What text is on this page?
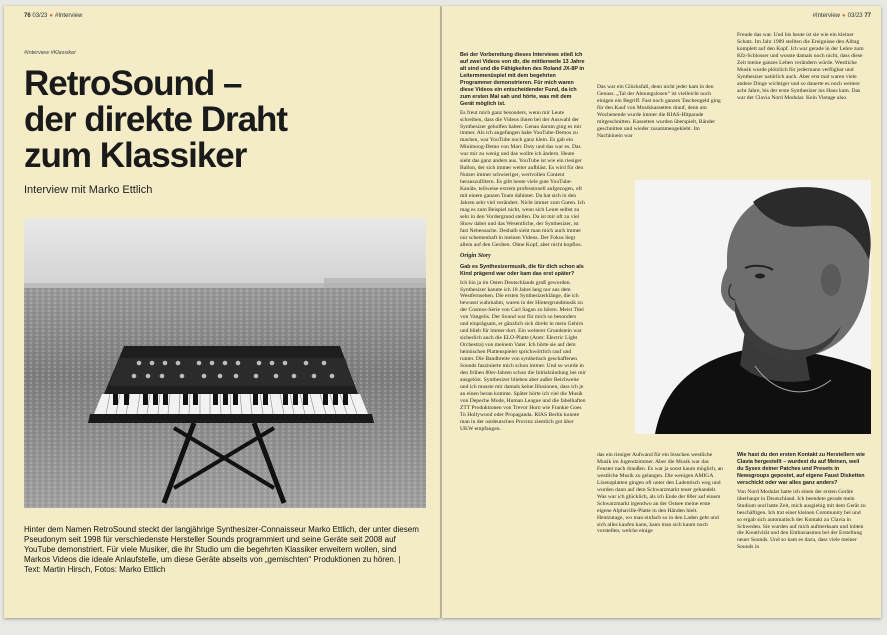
76 03/23 ● #Interview
#Interview #Klassiker
RetroSound –
der direkte Draht
zum Klassiker
Interview mit Marko Ettlich
Hinter dem Namen RetroSound steckt der langjährige Synthesizer-Connaisseur Marko Ettlich, der unter diesem Pseudonym seit 1998 für verschiedenste Hersteller Sounds programmiert und seine Geräte seit 2008 auf YouTube demonstriert. Für viele Musiker, die ihr Studio um die begehrten Klassiker erweitern wollen, sind Markos Videos die ideale Anlaufstelle, um diese Geräte abseits von „gemischten“ Produktionen zu hören. | Text: Martin Hirsch, Fotos: Marko Ettlich
#Interview ● 03/23 77

Bei der Vorbereitung dieses Interviews stieß ich auf zwei Videos von dir, die mittlerweile 13 Jahre alt sind und die Fähigkeiten des Roland JX-8P in Leitermmenüspiel mit dem begehrten Programmer demonstrieren. Für mich waren diese Videos ein entscheidender Fund, da ich zum ersten Mal sah und hörte, was mit dem Gerät möglich ist.

Es freut mich ganz besonders, wenn mir Leute schreiben, dass die Videos ihnen bei der Auswahl der Synthesizer geholfen haben. Genau darum ging es mir immer. Als ich angefangen habe YouTube-Demos zu machen, war YouTube noch ganz klein. Es gab ein Minimoog-Demo von Marc Doty und das war es. Das war mir zu wenig und das wollte ich ändern. Heute sieht das ganz anders aus. YouTube ist wie ein riesiger Ballon, der sich immer weiter aufbläst. Es wird für den Nutzer immer schwieriger, wertvollen Content herauszufiltern. Es gibt heute viele gute YouTube-Kanäle, teilweise extrem professionell aufgezogen, oft mit einem ganzen Team dahinter. Da hat sich in den Jahren sehr viel verändert. Nicht immer zum Guten. Ich mag es zum Beispiel nicht, wenn sich Leute selbst zu sehr in den Vordergrund stellen. Da ist mir oft zu viel Show dabei und das Wesentliche, der Synthesizer, ist fast Nebensache. Deshalb sieht man mich auch immer nur schemenhaft in meinen Videos. Der Fokus liegt allein auf den Geräten. Ohne Kopf, aber nicht kopflos.

Origin Story

Gab es Synthesizermusik, die für dich schon als Kind prägend war oder kam das erst später?

Ich bin ja im Osten Deutschlands groß geworden. Synthesizer kannte ich 18 Jahre lang nur aus dem Westfernsehen. Die ersten Synthesizerklänge, die ich bewusst wahrnahm, waren in der Hintergrundmusik zu der Cosmos-Serie von Carl Sagan zu hören. Meist Titel von Vangelis. Der Sound war für mich so besonders und einprägsam, er gänzlich sich direkt in mein Gehirn und blieb für immer dort. Ein weiterer Grundstein war sicherlich auch die ELO-Platte (Anm: Electric Light Orchestra) von meinem Vater. Ich hörte sie auf dem heimischen Plattenspieler sprichwörtlich rauf und runter. Die Bandbreite von synthetisch geschaffenen Sounds faszinierte mich schon immer. Und so wurde in den frühen 80er-Jahren schon die Initialzündung bei mir ausgelöst. Synthesizer blieben aber außer Reichweite und ich musste mir damals keine Illusionen, dass ich je an einen heran komme. Später hörte ich viel die Musik von Depeche Mode, Human League und die fabelhaften ZTT Produktionen von Trevor Horn wie Frankie Goes To Hollywood oder Propaganda. RIAS Berlin konnte man in der ostdeutschen Provinz ziemlich gut über UKW empfangen.

Das war ein Glücksfall, denn nicht jeder kam in den Genuss. „Tal der Ahnungslosen“ ist vielleicht noch einigen ein Begriff. Fast noch ganzes Taschengeld ging für den Kauf von Musikkassetten drauf, denn am Wochenende wurde immer die RIAS-Hitparade mitgeschnitten. Kassetten wurden überspielt, Bänder geschnitten und wieder zusammengeklebt. Im Nachhinein war

das ein riesiger Aufwand für ein bisschen westliche Musik im Jugendzimmer. Aber die Musik war das Fenster nach draußen. Es war ja sonst kaum möglich, an westliche Musik zu gelangen. Die wenigen AMIGA Lizenzplatten gingen oft unter den Ladentisch weg und wurden dann auf dem Schwarzmarkt teuer gehandelt. Was war ich glücklich, als ich Ende der 80er auf einem Schwarzmarkt irgendwo an der Ostsee meine erste eigene Alphaville-Platte in den Händen hielt. Heutzutage, wo man einfach so in den Laden geht und sich alles kaufen kann, kann man sich kaum noch vorstellen, welche einige

Freude das war. Und bis heute ist sie wie ein kleiner Schatz. Im Jahr 1989 stellten die Ereignisse den Alltag komplett auf den Kopf. Ich war gerade in der Lehre zum Kfz-Schlosser und wusste damals noch nicht, dass diese Zeit meine ganzes Leben verändern würde. Westliche Musik wurde plötzlich für jedermann verfügbar und Synthesizer natürlich auch. Aber erst mal waren viele andere Dinge wichtiger und so dauerte es noch weitere acht Jahre, bis der erste Synthesizer ins Haus kam. Das war der Clavia Nord Modular. Kein Vintage also.

Wie hast du den ersten Kontakt zu Herstellern wie Clavia hergestellt – wurdest du auf Meinen, weil du Sysex deiner Patches und Presets in Newsgroups gepostet, auf eigene Faust Disketten verschickt oder war alles ganz anders?

Von Nord Modular hatte ich einen der ersten Geräte überhaupt in Deutschland. Ich beendete gerade mein Studium und hatte Zeit, mich ausgiebig mit dem Gerät zu beschäftigen. Ich trat einer kleinen Community bei und so ergab sich automatisch der Kontakt zu Clavia in Schweden. Sie wurden auf mich aufmerksam und lobten die Kreativität und den Enthusiasmus bei der Erstellung neuer Sounds. Und so kam es dazu, dass viele meiner Sounds in
